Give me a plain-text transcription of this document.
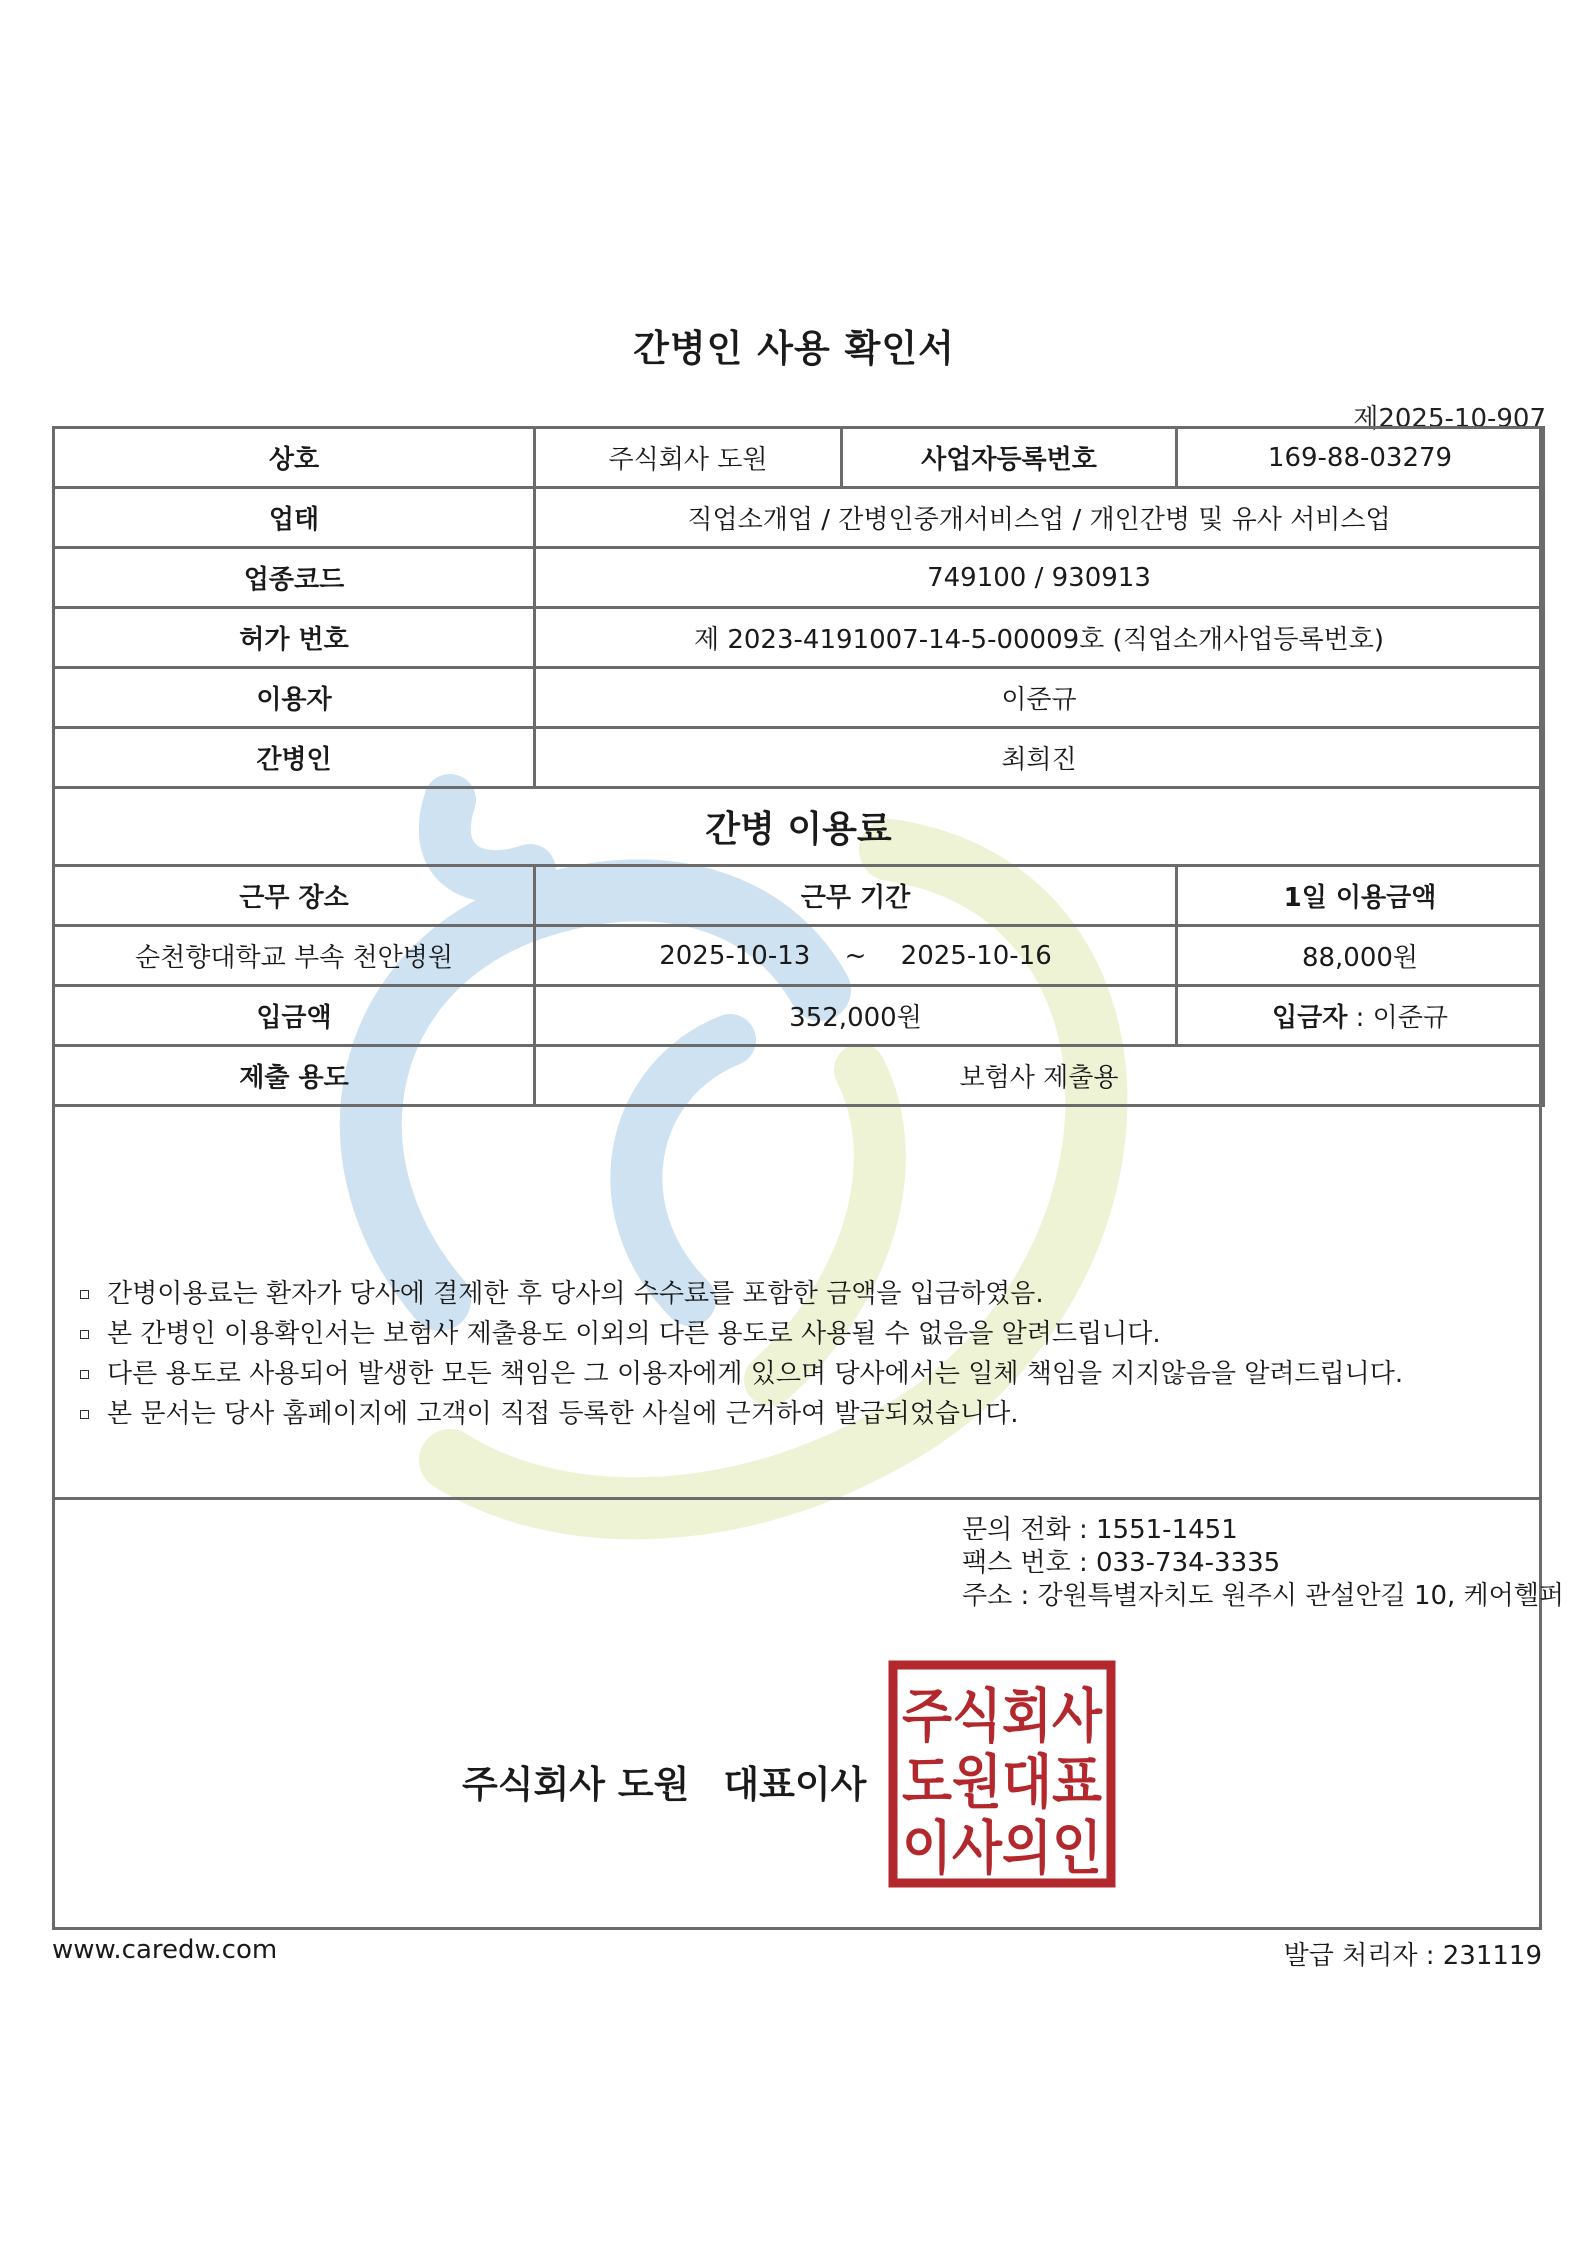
간병인 사용 확인서
제2025-10-907
상호	주식회사 도원	사업자등록번호	169-88-03279
업태	직업소개업 / 간병인중개서비스업 / 개인간병 및 유사 서비스업		
업종코드	749100 / 930913		
허가 번호	제 2023-4191007-14-5-00009호 (직업소개사업등록번호)		
이용자	이준규		
간병인	최희진		
간병 이용료			
근무 장소	근무 기간		1일 이용금액
순천향대학교 부속 천안병원	2025-10-13 ~ 2025-10-16		88,000원
입금액	352,000원		입금자 : 이준규
제출 용도	보험사 제출용		
간병이용료는 환자가 당사에 결제한 후 당사의 수수료를 포함한 금액을 입금하였음.
본 간병인 이용확인서는 보험사 제출용도 이외의 다른 용도로 사용될 수 없음을 알려드립니다.
다른 용도로 사용되어 발생한 모든 책임은 그 이용자에게 있으며 당사에서는 일체 책임을 지지않음을 알려드립니다.
본 문서는 당사 홈페이지에 고객이 직접 등록한 사실에 근거하여 발급되었습니다.
문의 전화 : 1551-1451
팩스 번호 : 033-734-3335
주소 : 강원특별자치도 원주시 관설안길 10, 케어헬퍼
주식회사 도원 대표이사
주식회사
도원대표
이사의인
www.caredw.com	발급 처리자 : 231119
